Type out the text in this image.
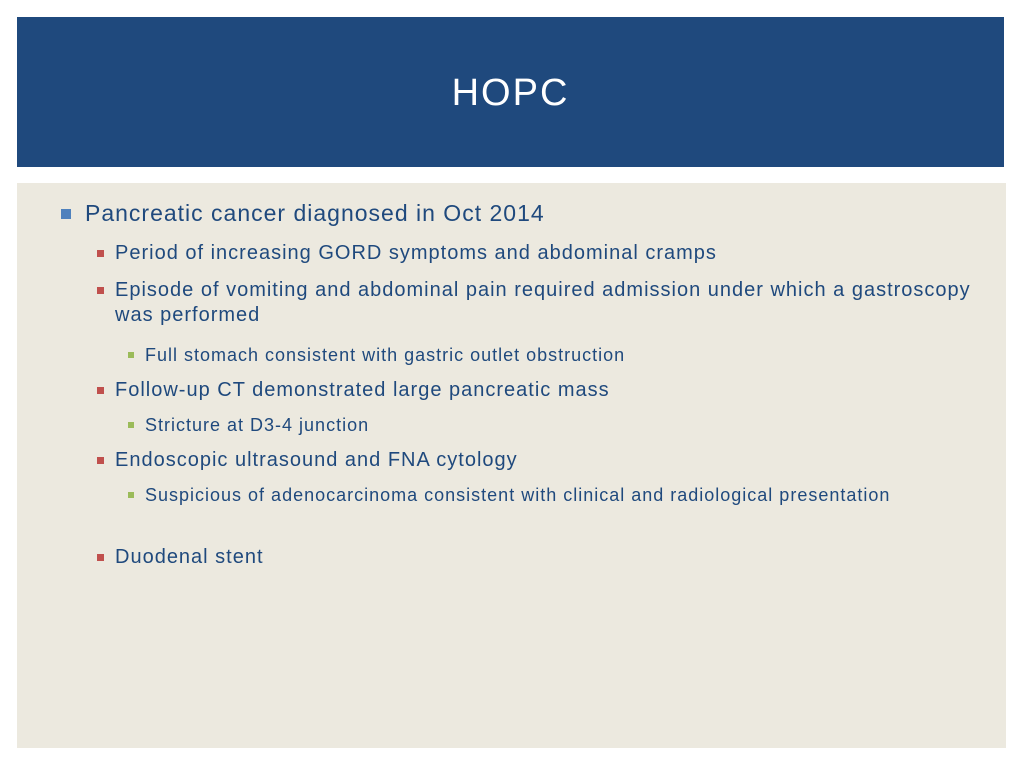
HOPC
Pancreatic cancer diagnosed in Oct 2014
Period of increasing GORD symptoms and abdominal cramps
Episode of vomiting and abdominal pain required admission under which a gastroscopy was performed
Full stomach consistent with gastric outlet obstruction
Follow-up CT demonstrated large pancreatic mass
Stricture at D3-4 junction
Endoscopic ultrasound and FNA cytology
Suspicious of adenocarcinoma consistent with clinical and radiological presentation
Duodenal stent
